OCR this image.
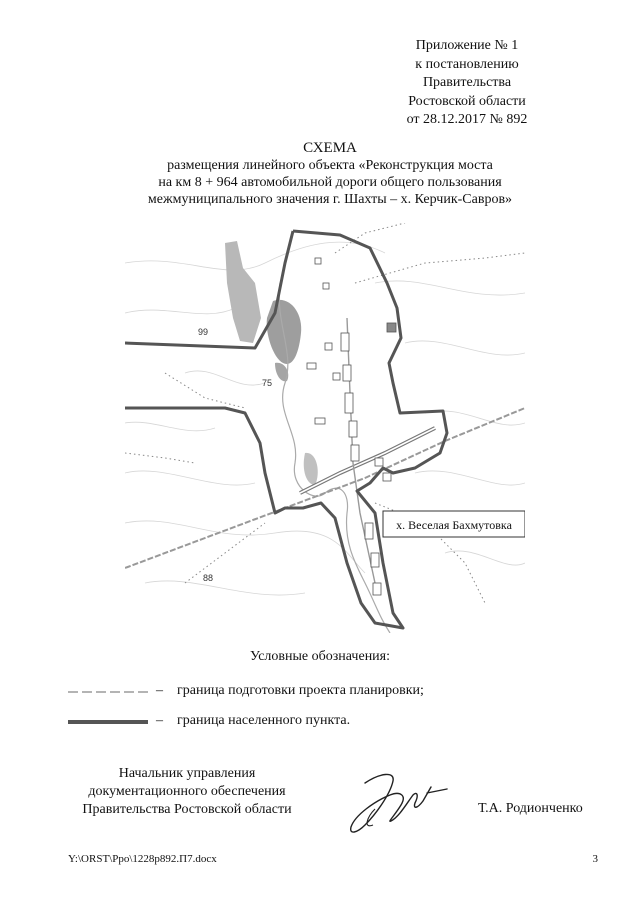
Приложение № 1
к постановлению
Правительства
Ростовской области
от 28.12.2017 № 892
СХЕМА
размещения линейного объекта «Реконструкция моста
на км 8 + 964 автомобильной дороги общего пользования
межмуниципального значения г. Шахты – х. Керчик-Савров»
99
75
88
х. Веселая Бахмутовка
Условные обозначения:
– граница подготовки проекта планировки;
– граница населенного пункта.
Начальник управления
документационного обеспечения
Правительства Ростовской области	Т.А. Родионченко
Y:\ORST\Ppo\1228p892.П7.docx	3
